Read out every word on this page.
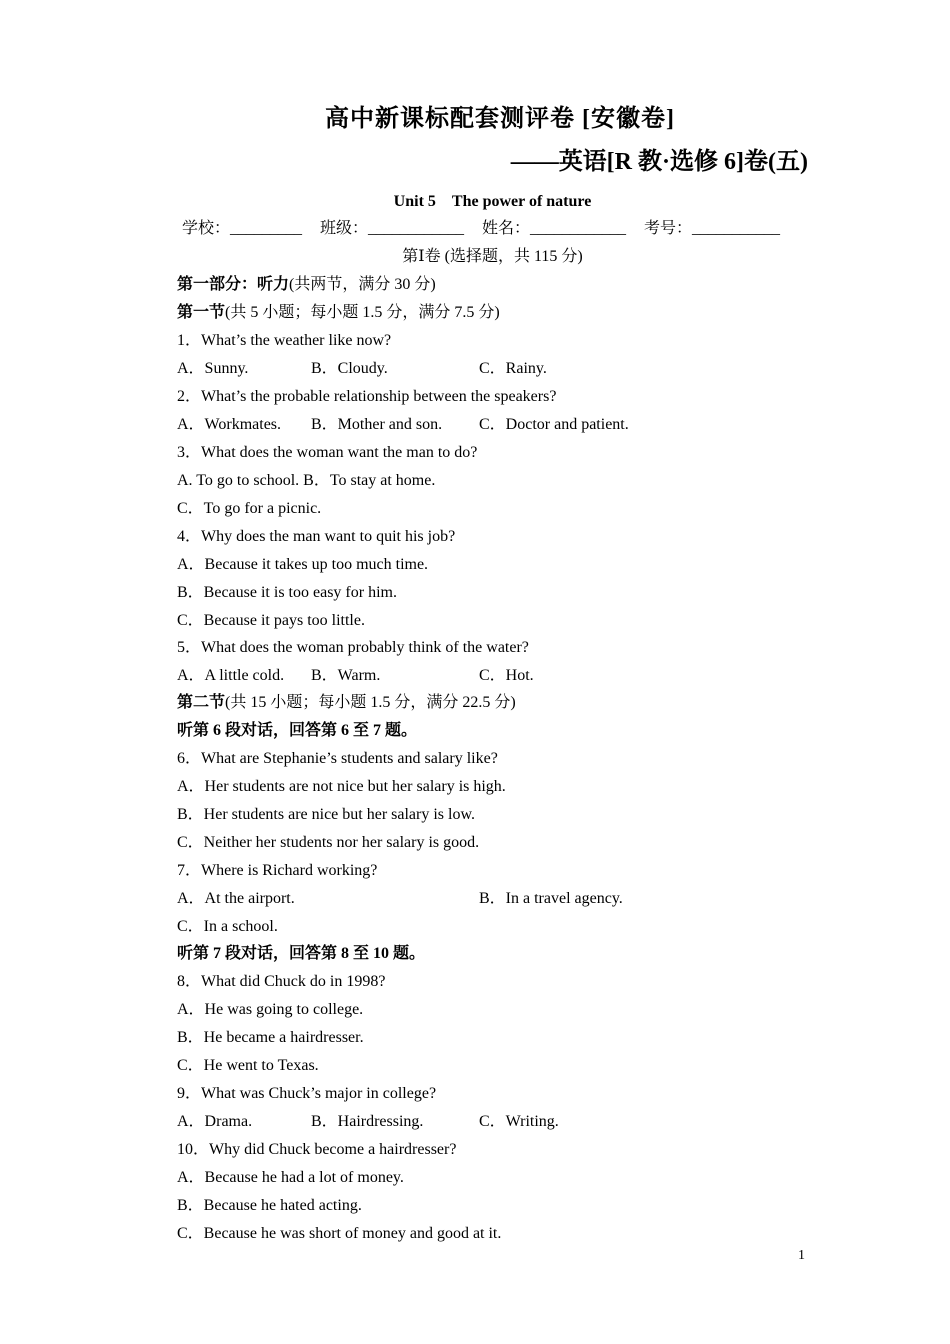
高中新课标配套测评卷 [安徽卷]
——英语[R 教·选修 6]卷(五)
Unit 5　The power of nature
学校：_________ 班级：____________ 姓名：____________ 考号：___________
第Ⅰ卷 (选择题，共 115 分)
第一部分：听力(共两节，满分 30 分)
第一节(共 5 小题；每小题 1.5 分，满分 7.5 分)
1．What’s the weather like now?
A．Sunny.	B．Cloudy.	C．Rainy.
2．What’s the probable relationship between the speakers?
A．Workmates. B．Mother and son. C．Doctor and patient.
3．What does the woman want the man to do?
A. To go to school. B．To stay at home.
C．To go for a picnic.
4．Why does the man want to quit his job?
A．Because it takes up too much time.
B．Because it is too easy for him.
C．Because it pays too little.
5．What does the woman probably think of the water?
A．A little cold. B．Warm.	C．Hot.
第二节(共 15 小题；每小题 1.5 分，满分 22.5 分)
听第 6 段对话，回答第 6 至 7 题。
6．What are Stephanie’s students and salary like?
A．Her students are not nice but her salary is high.
B．Her students are nice but her salary is low.
C．Neither her students nor her salary is good.
7．Where is Richard working?
A．At the airport.	B．In a travel agency.
C．In a school.
听第 7 段对话，回答第 8 至 10 题。
8．What did Chuck do in 1998?
A．He was going to college.
B．He became a hairdresser.
C．He went to Texas.
9．What was Chuck’s major in college?
A．Drama.	B．Hairdressing.	C．Writing.
10．Why did Chuck become a hairdresser?
A．Because he had a lot of money.
B．Because he hated acting.
C．Because he was short of money and good at it.
1
